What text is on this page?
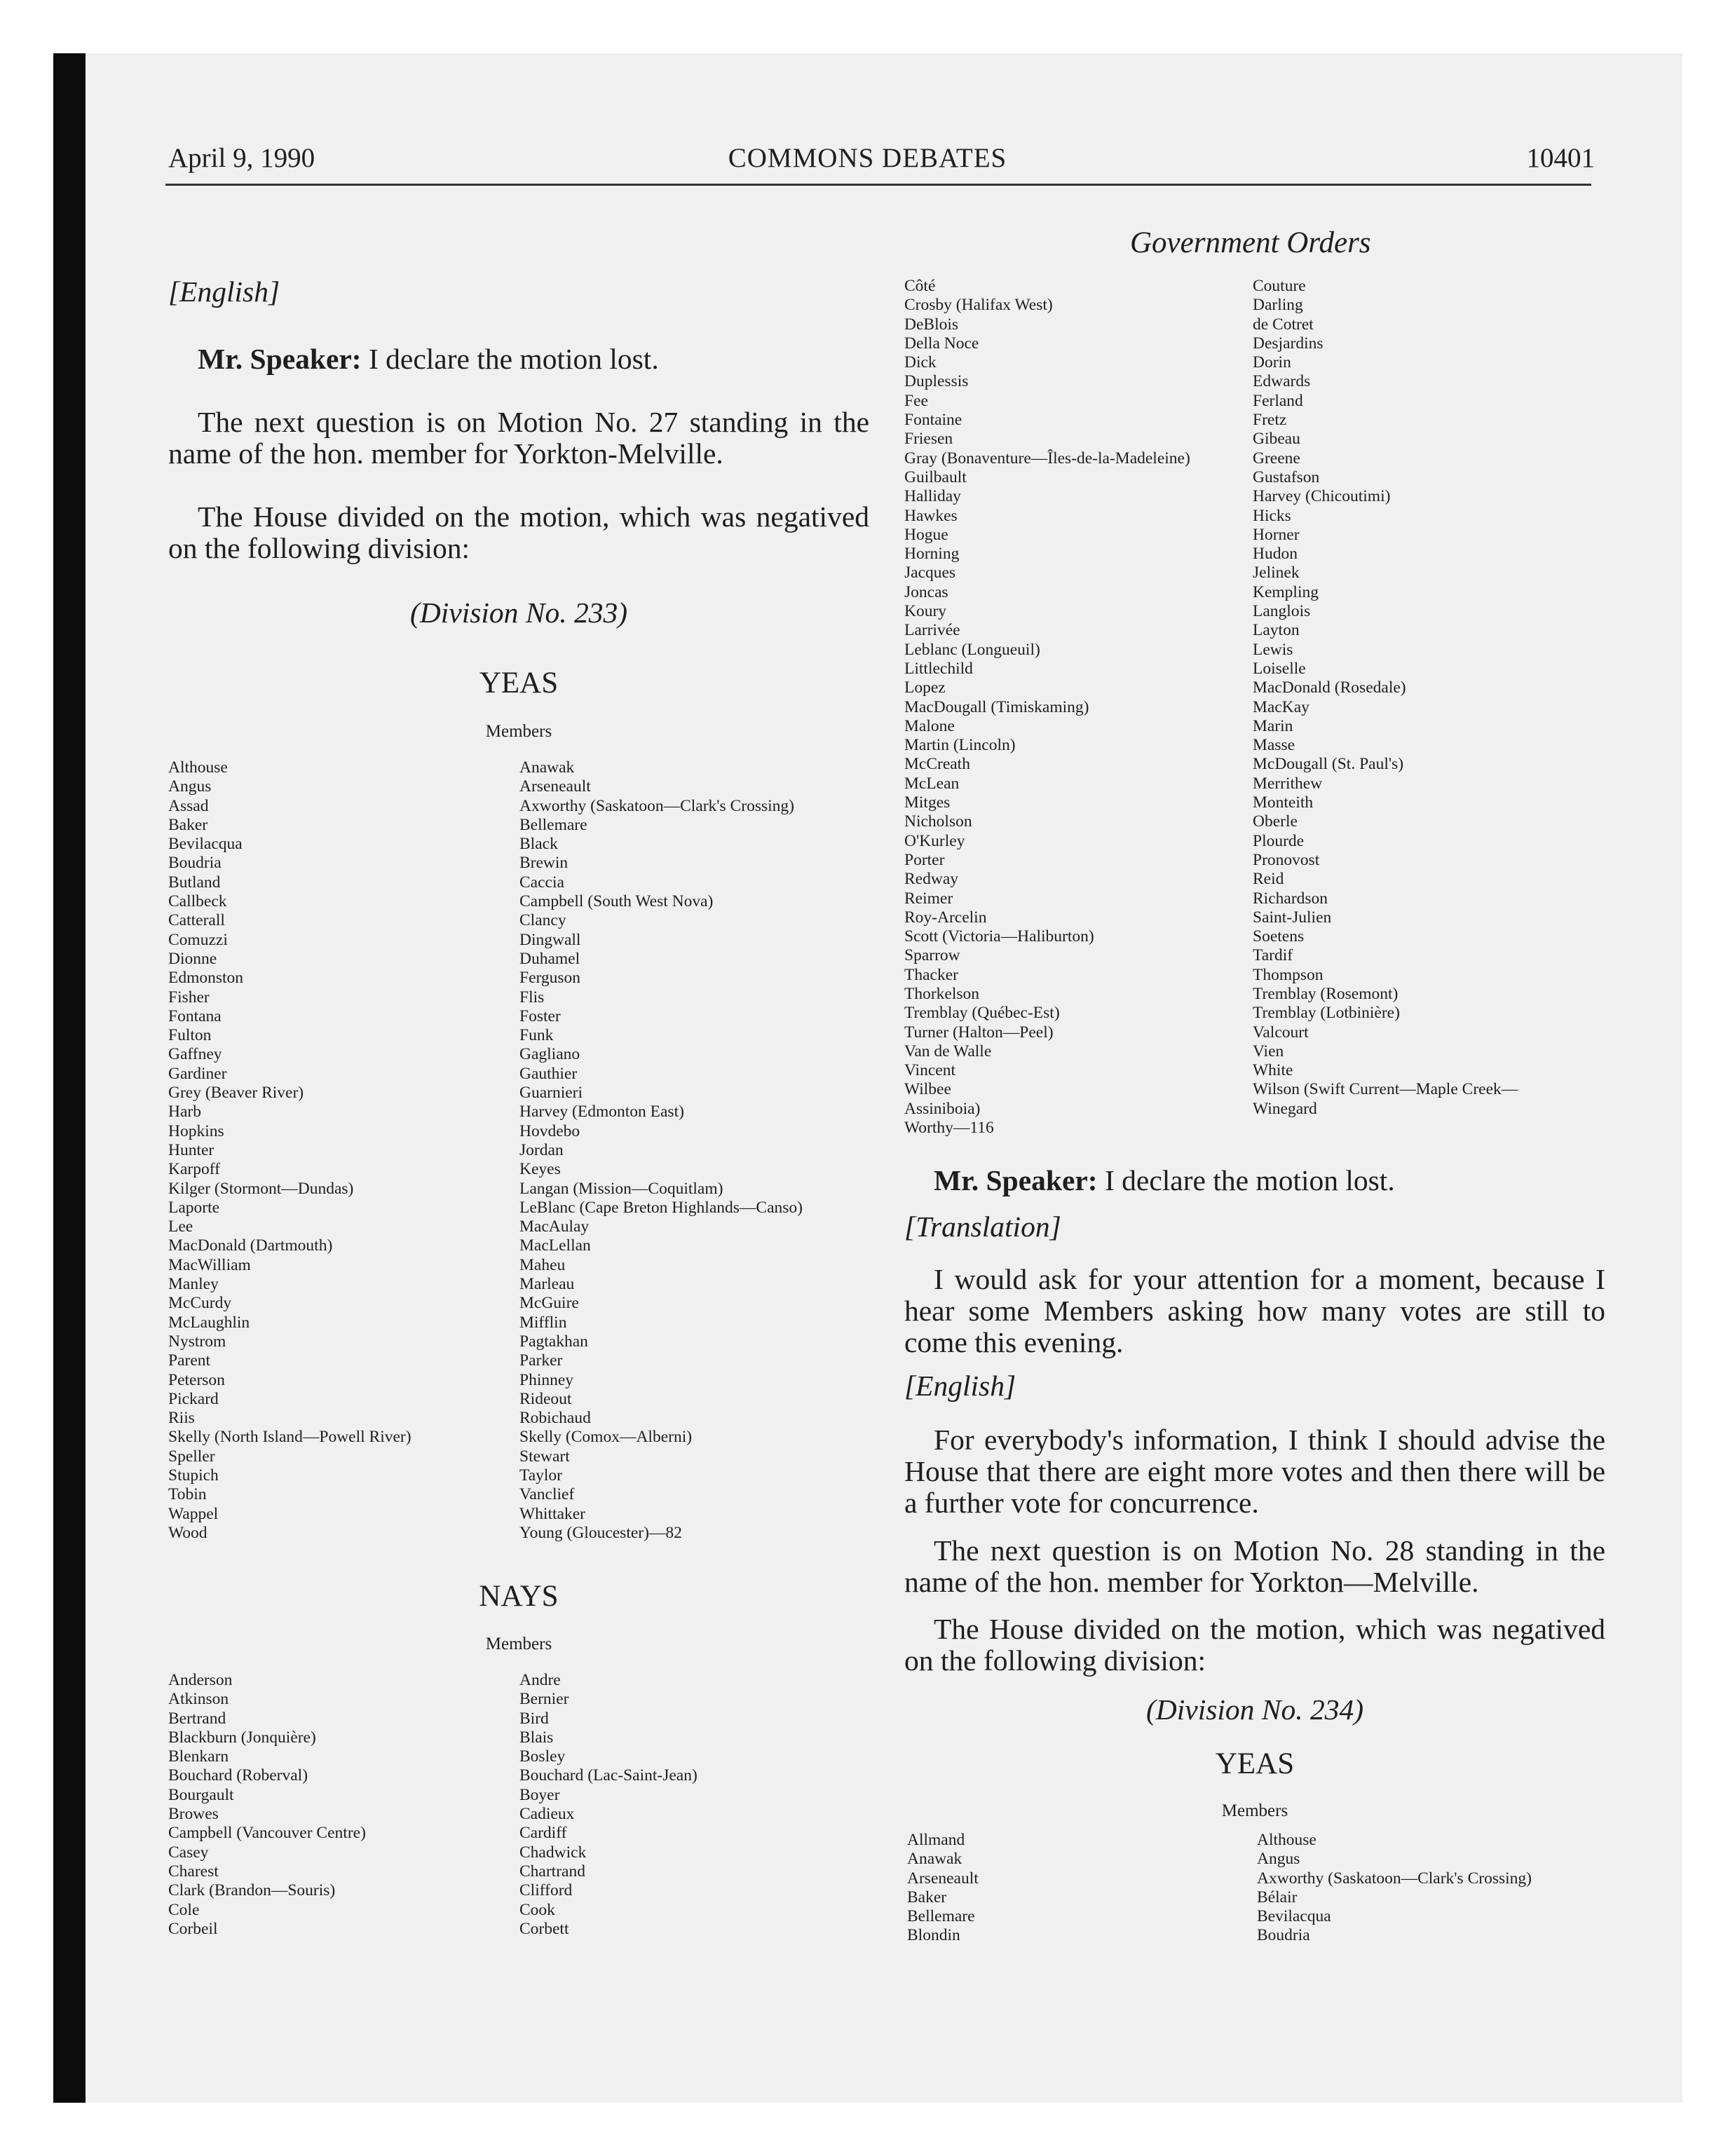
April 9, 1990	COMMONS DEBATES	10401
Government Orders
[English]

Mr. Speaker: I declare the motion lost.

The next question is on Motion No. 27 standing in the name of the hon. member for Yorkton-Melville.

The House divided on the motion, which was negatived on the following division:

(Division No. 233)
YEAS
Members
Althouse
Angus
Assad
Baker
Bevilacqua
Boudria
Butland
Callbeck
Catterall
Comuzzi
Dionne
Edmonston
Fisher
Fontana
Fulton
Gaffney
Gardiner
Grey (Beaver River)
Harb
Hopkins
Hunter
Karpoff
Kilger (Stormont—Dundas)
Laporte
Lee
MacDonald (Dartmouth)
MacWilliam
Manley
McCurdy
McLaughlin
Nystrom
Parent
Peterson
Pickard
Riis
Skelly (North Island—Powell River)
Speller
Stupich
Tobin
Wappel
Wood
Anawak
Arseneault
Axworthy (Saskatoon—Clark's Crossing)
Bellemare
Black
Brewin
Caccia
Campbell (South West Nova)
Clancy
Dingwall
Duhamel
Ferguson
Flis
Foster
Funk
Gagliano
Gauthier
Guarnieri
Harvey (Edmonton East)
Hovdebo
Jordan
Keyes
Langan (Mission—Coquitlam)
LeBlanc (Cape Breton Highlands—Canso)
MacAulay
MacLellan
Maheu
Marleau
McGuire
Mifflin
Pagtakhan
Parker
Phinney
Rideout
Robichaud
Skelly (Comox—Alberni)
Stewart
Taylor
Vanclief
Whittaker
Young (Gloucester)—82
NAYS
Members
Anderson
Atkinson
Bertrand
Blackburn (Jonquière)
Blenkarn
Bouchard (Roberval)
Bourgault
Browes
Campbell (Vancouver Centre)
Casey
Charest
Clark (Brandon—Souris)
Cole
Corbeil
Andre
Bernier
Bird
Blais
Bosley
Bouchard (Lac-Saint-Jean)
Boyer
Cadieux
Cardiff
Chadwick
Chartrand
Clifford
Cook
Corbett
Côté
Crosby (Halifax West)
DeBlois
Della Noce
Dick
Duplessis
Fee
Fontaine
Friesen
Gray (Bonaventure—Îles-de-la-Madeleine)
Guilbault
Halliday
Hawkes
Hogue
Horning
Jacques
Joncas
Koury
Larrivée
Leblanc (Longueuil)
Littlechild
Lopez
MacDougall (Timiskaming)
Malone
Martin (Lincoln)
McCreath
McLean
Mitges
Nicholson
O'Kurley
Porter
Redway
Reimer
Roy-Arcelin
Scott (Victoria—Haliburton)
Sparrow
Thacker
Thorkelson
Tremblay (Québec-Est)
Turner (Halton—Peel)
Van de Walle
Vincent
Wilbee
Assiniboia)
Worthy—116
Couture
Darling
de Cotret
Desjardins
Dorin
Edwards
Ferland
Fretz
Gibeau
Greene
Gustafson
Harvey (Chicoutimi)
Hicks
Horner
Hudon
Jelinek
Kempling
Langlois
Layton
Lewis
Loiselle
MacDonald (Rosedale)
MacKay
Marin
Masse
McDougall (St. Paul's)
Merrithew
Monteith
Oberle
Plourde
Pronovost
Reid
Richardson
Saint-Julien
Soetens
Tardif
Thompson
Tremblay (Rosemont)
Tremblay (Lotbinière)
Valcourt
Vien
White
Wilson (Swift Current—Maple Creek—
Winegard

Mr. Speaker: I declare the motion lost.

[Translation]

I would ask for your attention for a moment, because I hear some Members asking how many votes are still to come this evening.

[English]

For everybody's information, I think I should advise the House that there are eight more votes and then there will be a further vote for concurrence.

The next question is on Motion No. 28 standing in the name of the hon. member for Yorkton—Melville.

The House divided on the motion, which was negatived on the following division:

(Division No. 234)
YEAS
Members
Allmand
Anawak
Arseneault
Baker
Bellemare
Blondin
Althouse
Angus
Axworthy (Saskatoon—Clark's Crossing)
Bélair
Bevilacqua
Boudria
